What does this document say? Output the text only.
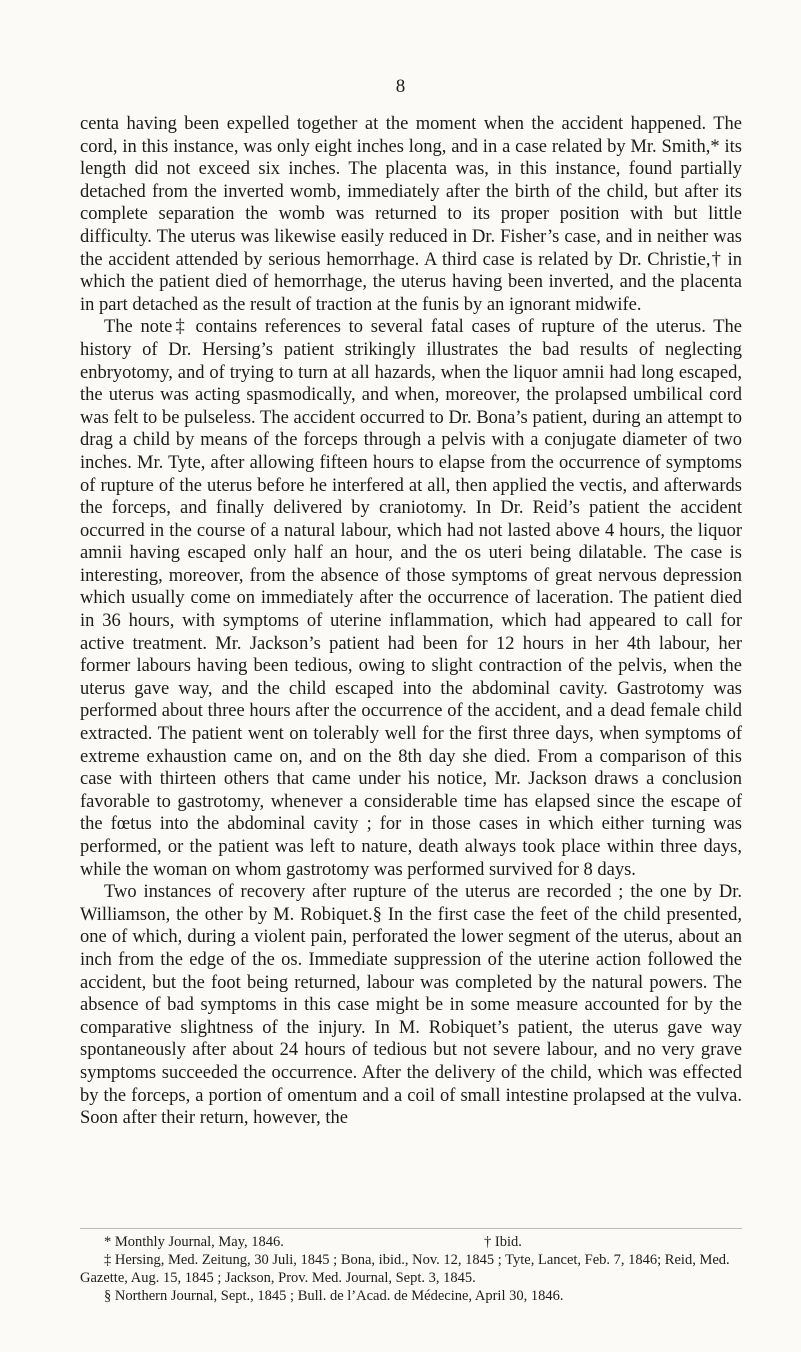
8

centa having been expelled together at the moment when the accident happened. The cord, in this instance, was only eight inches long, and in a case related by Mr. Smith,* its length did not exceed six inches. The placenta was, in this instance, found partially detached from the inverted womb, immediately after the birth of the child, but after its complete separation the womb was returned to its proper position with but little difficulty. The uterus was likewise easily reduced in Dr. Fisher’s case, and in neither was the accident attended by serious hemorrhage. A third case is related by Dr. Christie,† in which the patient died of hemorrhage, the uterus having been inverted, and the placenta in part detached as the result of traction at the funis by an ignorant midwife.

The note‡ contains references to several fatal cases of rupture of the uterus. The history of Dr. Hersing’s patient strikingly illustrates the bad results of neglecting enbryotomy, and of trying to turn at all hazards, when the liquor amnii had long escaped, the uterus was acting spasmodically, and when, moreover, the prolapsed umbilical cord was felt to be pulseless. The accident occurred to Dr. Bona’s patient, during an attempt to drag a child by means of the forceps through a pelvis with a conjugate diameter of two inches. Mr. Tyte, after allowing fifteen hours to elapse from the occurrence of symptoms of rupture of the uterus before he interfered at all, then applied the vectis, and afterwards the forceps, and finally delivered by craniotomy. In Dr. Reid’s patient the accident occurred in the course of a natural labour, which had not lasted above 4 hours, the liquor amnii having escaped only half an hour, and the os uteri being dilatable. The case is interesting, moreover, from the absence of those symptoms of great nervous depression which usually come on immediately after the occurrence of laceration. The patient died in 36 hours, with symptoms of uterine inflammation, which had appeared to call for active treatment. Mr. Jackson’s patient had been for 12 hours in her 4th labour, her former labours having been tedious, owing to slight contraction of the pelvis, when the uterus gave way, and the child escaped into the abdominal cavity. Gastrotomy was performed about three hours after the occurrence of the accident, and a dead female child extracted. The patient went on tolerably well for the first three days, when symptoms of extreme exhaustion came on, and on the 8th day she died. From a comparison of this case with thirteen others that came under his notice, Mr. Jackson draws a conclusion favorable to gastrotomy, whenever a considerable time has elapsed since the escape of the fœtus into the abdominal cavity ; for in those cases in which either turning was performed, or the patient was left to nature, death always took place within three days, while the woman on whom gastrotomy was performed survived for 8 days.

Two instances of recovery after rupture of the uterus are recorded ; the one by Dr. Williamson, the other by M. Robiquet.§ In the first case the feet of the child presented, one of which, during a violent pain, perforated the lower segment of the uterus, about an inch from the edge of the os. Immediate suppression of the uterine action followed the accident, but the foot being returned, labour was completed by the natural powers. The absence of bad symptoms in this case might be in some measure accounted for by the comparative slightness of the injury. In M. Robiquet’s patient, the uterus gave way spontaneously after about 24 hours of tedious but not severe labour, and no very grave symptoms succeeded the occurrence. After the delivery of the child, which was effected by the forceps, a portion of omentum and a coil of small intestine prolapsed at the vulva. Soon after their return, however, the

* Monthly Journal, May, 1846.	† Ibid.

‡ Hersing, Med. Zeitung, 30 Juli, 1845 ; Bona, ibid., Nov. 12, 1845 ; Tyte, Lancet, Feb. 7, 1846; Reid, Med. Gazette, Aug. 15, 1845 ; Jackson, Prov. Med. Journal, Sept. 3, 1845.

§ Northern Journal, Sept., 1845 ; Bull. de l’Acad. de Médecine, April 30, 1846.
